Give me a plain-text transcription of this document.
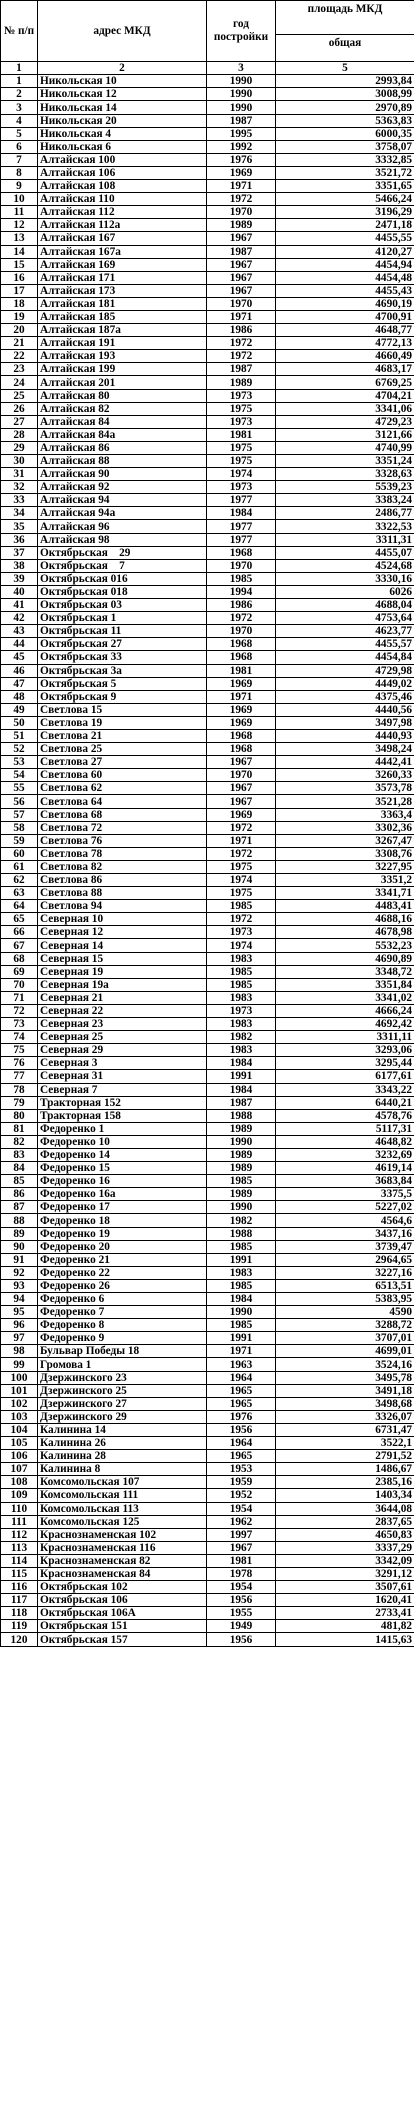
№ п/п	адрес МКД	год постройки	площадь МКД
			общая
1	2	3	5
1	Никольская 10	1990	2993,84
2	Никольская 12	1990	3008,99
3	Никольская 14	1990	2970,89
4	Никольская 20	1987	5363,83
5	Никольская 4	1995	6000,35
6	Никольская 6	1992	3758,07
7	Алтайская 100	1976	3332,85
8	Алтайская 106	1969	3521,72
9	Алтайская 108	1971	3351,65
10	Алтайская 110	1972	5466,24
11	Алтайская 112	1970	3196,29
12	Алтайская 112а	1989	2471,18
13	Алтайская 167	1967	4455,55
14	Алтайская 167а	1987	4120,27
15	Алтайская 169	1967	4454,94
16	Алтайская 171	1967	4454,48
17	Алтайская 173	1967	4455,43
18	Алтайская 181	1970	4690,19
19	Алтайская 185	1971	4700,91
20	Алтайская 187а	1986	4648,77
21	Алтайская 191	1972	4772,13
22	Алтайская 193	1972	4660,49
23	Алтайская 199	1987	4683,17
24	Алтайская 201	1989	6769,25
25	Алтайская 80	1973	4704,21
26	Алтайская 82	1975	3341,06
27	Алтайская 84	1973	4729,23
28	Алтайская 84а	1981	3121,66
29	Алтайская 86	1975	4740,99
30	Алтайская 88	1975	3351,24
31	Алтайская 90	1974	3328,63
32	Алтайская 92	1973	5539,23
33	Алтайская 94	1977	3383,24
34	Алтайская 94а	1984	2486,77
35	Алтайская 96	1977	3322,53
36	Алтайская 98	1977	3311,31
37	Октябрьская    29	1968	4455,07
38	Октябрьская    7	1970	4524,68
39	Октябрьская 016	1985	3330,16
40	Октябрьская 018	1994	6026
41	Октябрьская 03	1986	4688,04
42	Октябрьская 1	1972	4753,64
43	Октябрьская 11	1970	4623,77
44	Октябрьская 27	1968	4455,57
45	Октябрьская 33	1968	4454,84
46	Октябрьская 3а	1981	4729,98
47	Октябрьская 5	1969	4449,02
48	Октябрьская 9	1971	4375,46
49	Светлова 15	1969	4440,56
50	Светлова 19	1969	3497,98
51	Светлова 21	1968	4440,93
52	Светлова 25	1968	3498,24
53	Светлова 27	1967	4442,41
54	Светлова 60	1970	3260,33
55	Светлова 62	1967	3573,78
56	Светлова 64	1967	3521,28
57	Светлова 68	1969	3363,4
58	Светлова 72	1972	3302,36
59	Светлова 76	1971	3267,47
60	Светлова 78	1972	3308,76
61	Светлова 82	1975	3227,95
62	Светлова 86	1974	3351,2
63	Светлова 88	1975	3341,71
64	Светлова 94	1985	4483,41
65	Северная 10	1972	4688,16
66	Северная 12	1973	4678,98
67	Северная 14	1974	5532,23
68	Северная 15	1983	4690,89
69	Северная 19	1985	3348,72
70	Северная 19а	1985	3351,84
71	Северная 21	1983	3341,02
72	Северная 22	1973	4666,24
73	Северная 23	1983	4692,42
74	Северная 25	1982	3311,11
75	Северная 29	1983	3293,06
76	Северная 3	1984	3295,44
77	Северная 31	1991	6177,61
78	Северная 7	1984	3343,22
79	Тракторная 152	1987	6440,21
80	Тракторная 158	1988	4578,76
81	Федоренко 1	1989	5117,31
82	Федоренко 10	1990	4648,82
83	Федоренко 14	1989	3232,69
84	Федоренко 15	1989	4619,14
85	Федоренко 16	1985	3683,84
86	Федоренко 16а	1989	3375,5
87	Федоренко 17	1990	5227,02
88	Федоренко 18	1982	4564,6
89	Федоренко 19	1988	3437,16
90	Федоренко 20	1985	3739,47
91	Федоренко 21	1991	2964,65
92	Федоренко 22	1983	3227,16
93	Федоренко 26	1985	6513,51
94	Федоренко 6	1984	5383,95
95	Федоренко 7	1990	4590
96	Федоренко 8	1985	3288,72
97	Федоренко 9	1991	3707,01
98	Бульвар Победы 18	1971	4699,01
99	Громова 1	1963	3524,16
100	Дзержинского 23	1964	3495,78
101	Дзержинского 25	1965	3491,18
102	Дзержинского 27	1965	3498,68
103	Дзержинского 29	1976	3326,07
104	Калинина 14	1956	6731,47
105	Калинина 26	1964	3522,1
106	Калинина 28	1965	2791,52
107	Калинина 8	1953	1486,67
108	Комсомольская 107	1959	2385,16
109	Комсомольская 111	1952	1403,34
110	Комсомольская 113	1954	3644,08
111	Комсомольская 125	1962	2837,65
112	Краснознаменская 102	1997	4650,83
113	Краснознаменская 116	1967	3337,29
114	Краснознаменская 82	1981	3342,09
115	Краснознаменская 84	1978	3291,12
116	Октябрьская 102	1954	3507,61
117	Октябрьская 106	1956	1620,41
118	Октябрьская 106А	1955	2733,41
119	Октябрьская 151	1949	481,82
120	Октябрьская 157	1956	1415,63
